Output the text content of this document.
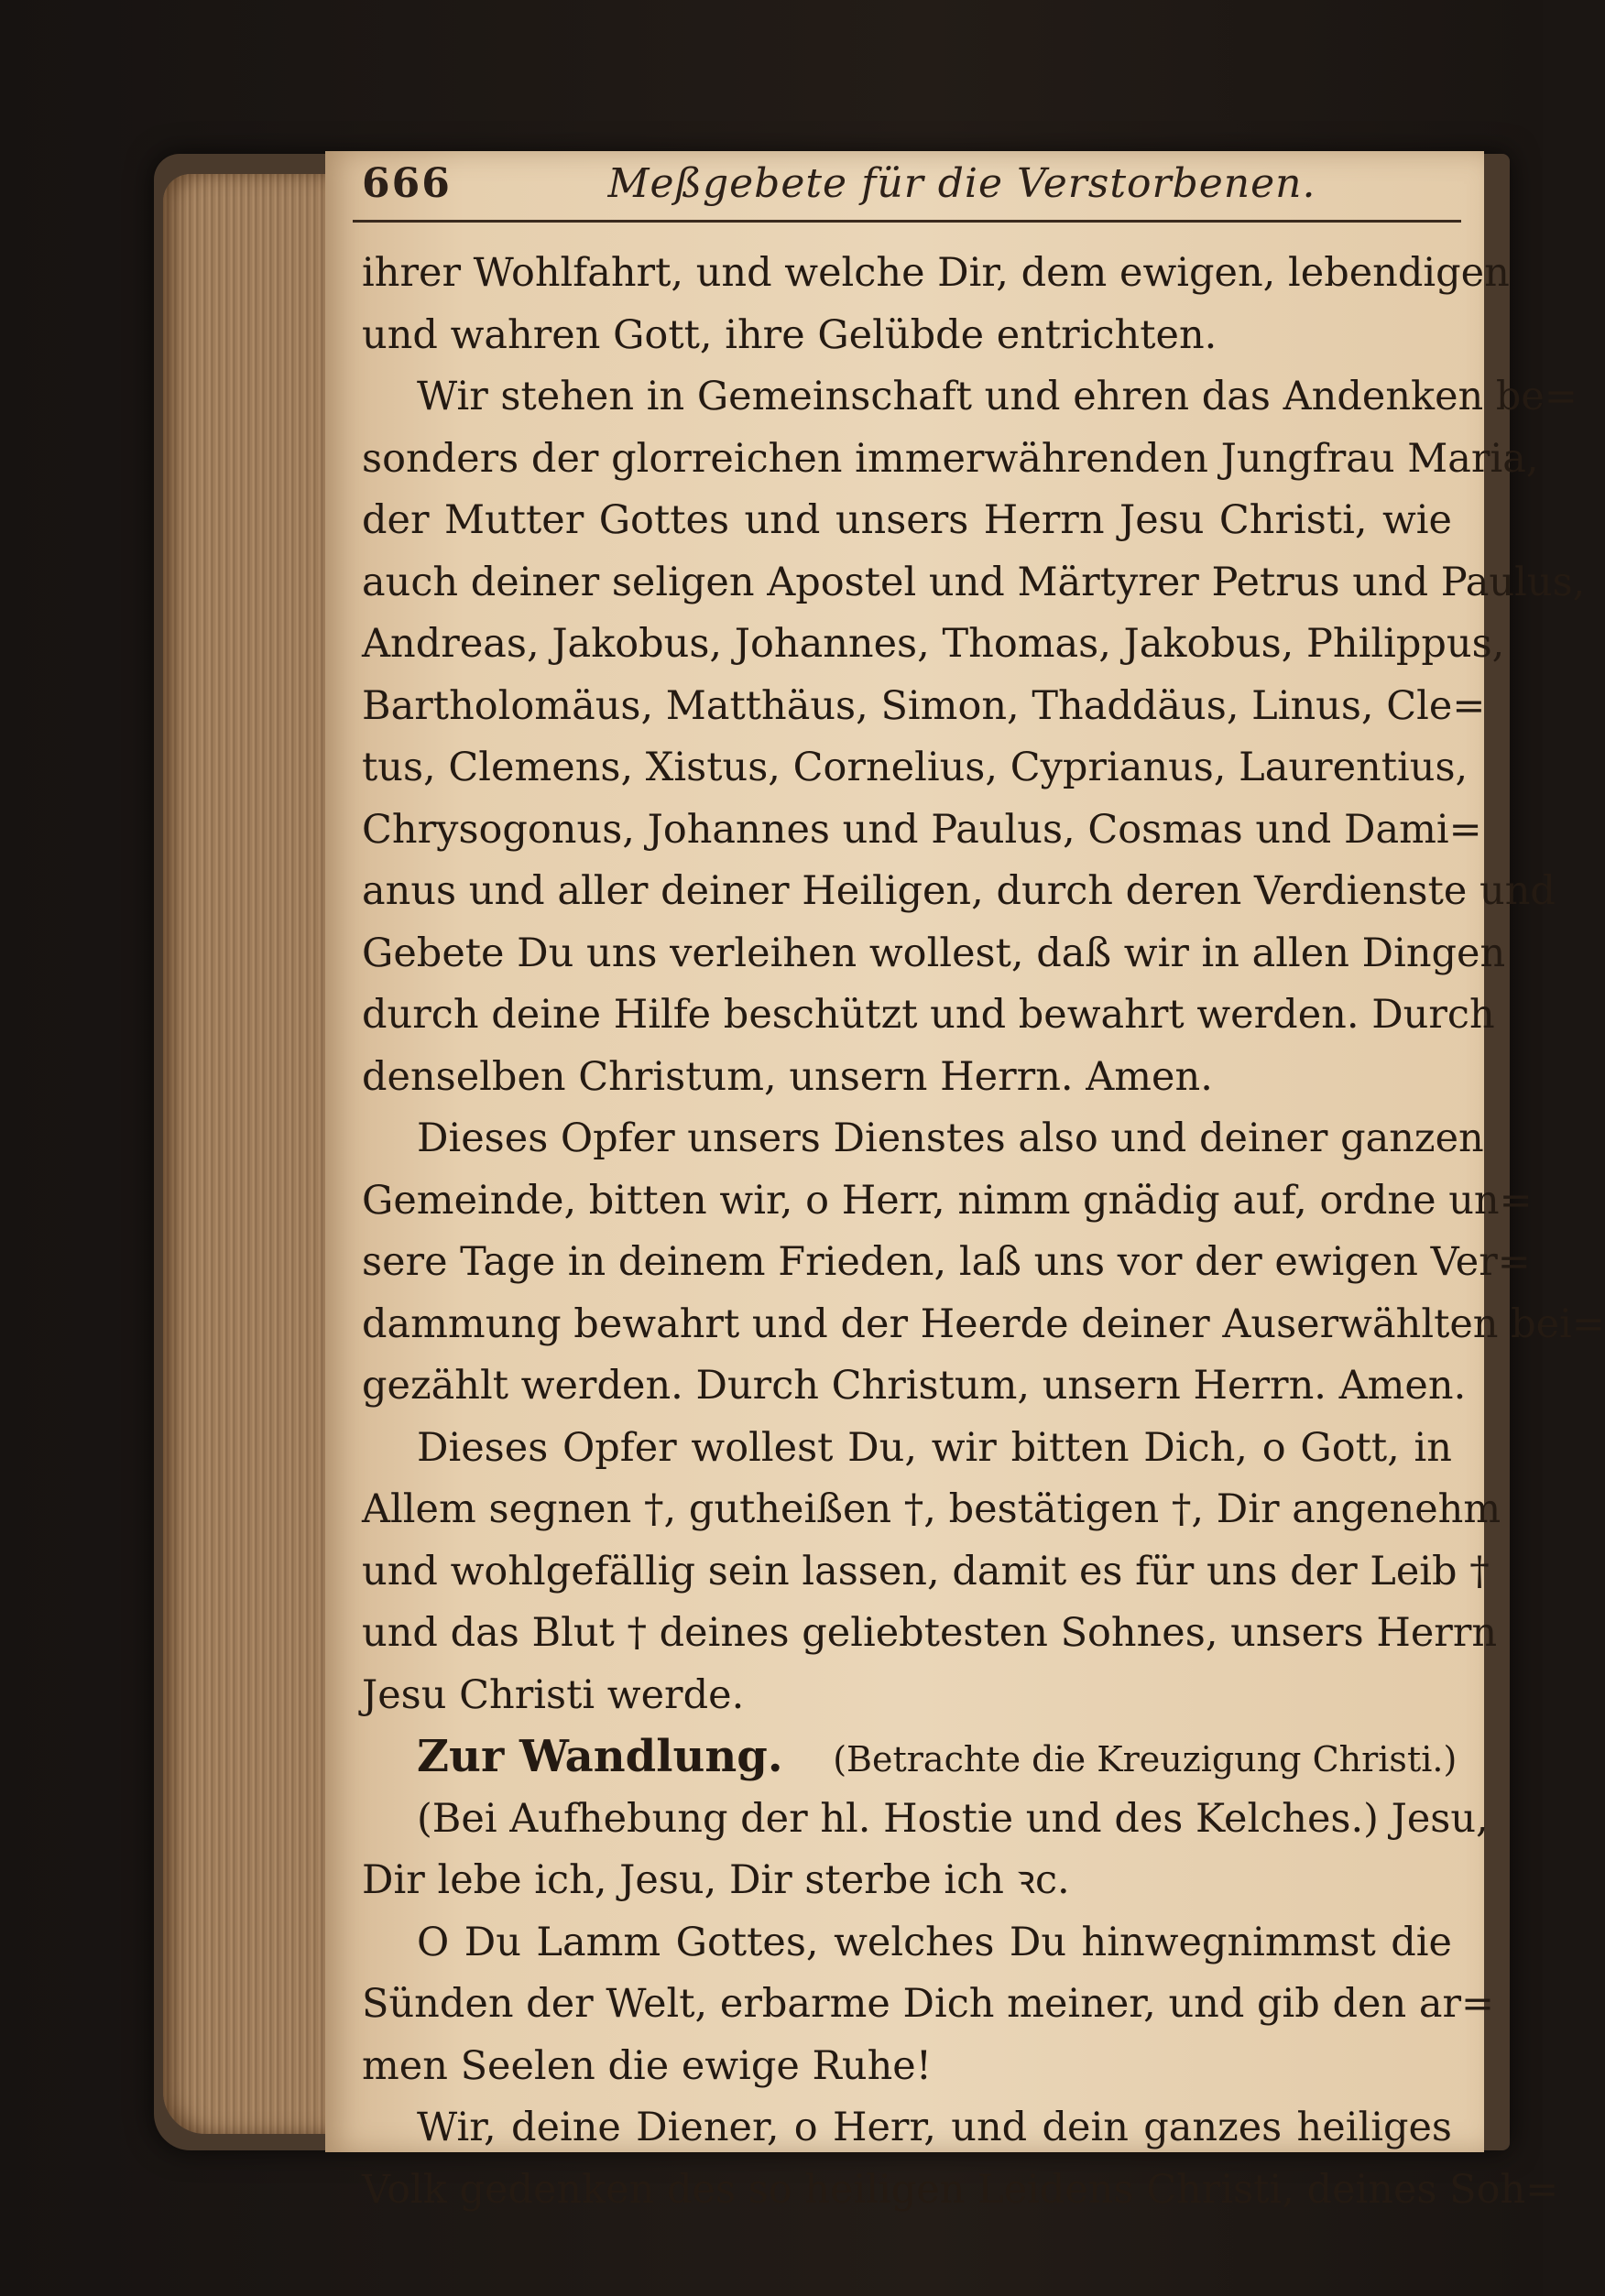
666	Meßgebete für die Verstorbenen.
ihrer Wohlfahrt, und welche Dir, dem ewigen, lebendigen
und wahren Gott, ihre Gelübde entrichten.
Wir stehen in Gemeinschaft und ehren das Andenken be=
sonders der glorreichen immerwährenden Jungfrau Maria,
der Mutter Gottes und unsers Herrn Jesu Christi, wie
auch deiner seligen Apostel und Märtyrer Petrus und Paulus,
Andreas, Jakobus, Johannes, Thomas, Jakobus, Philippus,
Bartholomäus, Matthäus, Simon, Thaddäus, Linus, Cle=
tus, Clemens, Xistus, Cornelius, Cyprianus, Laurentius,
Chrysogonus, Johannes und Paulus, Cosmas und Dami=
anus und aller deiner Heiligen, durch deren Verdienste und
Gebete Du uns verleihen wollest, daß wir in allen Dingen
durch deine Hilfe beschützt und bewahrt werden. Durch
denselben Christum, unsern Herrn. Amen.
Dieses Opfer unsers Dienstes also und deiner ganzen
Gemeinde, bitten wir, o Herr, nimm gnädig auf, ordne un=
sere Tage in deinem Frieden, laß uns vor der ewigen Ver=
dammung bewahrt und der Heerde deiner Auserwählten bei=
gezählt werden. Durch Christum, unsern Herrn. Amen.
Dieses Opfer wollest Du, wir bitten Dich, o Gott, in
Allem segnen †, gutheißen †, bestätigen †, Dir angenehm
und wohlgefällig sein lassen, damit es für uns der Leib †
und das Blut † deines geliebtesten Sohnes, unsers Herrn
Jesu Christi werde.
Zur Wandlung. (Betrachte die Kreuzigung Christi.)
(Bei Aufhebung der hl. Hostie und des Kelches.) Jesu,
Dir lebe ich, Jesu, Dir sterbe ich ꝛc.
O Du Lamm Gottes, welches Du hinwegnimmst die
Sünden der Welt, erbarme Dich meiner, und gib den ar=
men Seelen die ewige Ruhe!
Wir, deine Diener, o Herr, und dein ganzes heiliges
Volk gedenken des so heiligen Leidens Christi, deines Soh=
